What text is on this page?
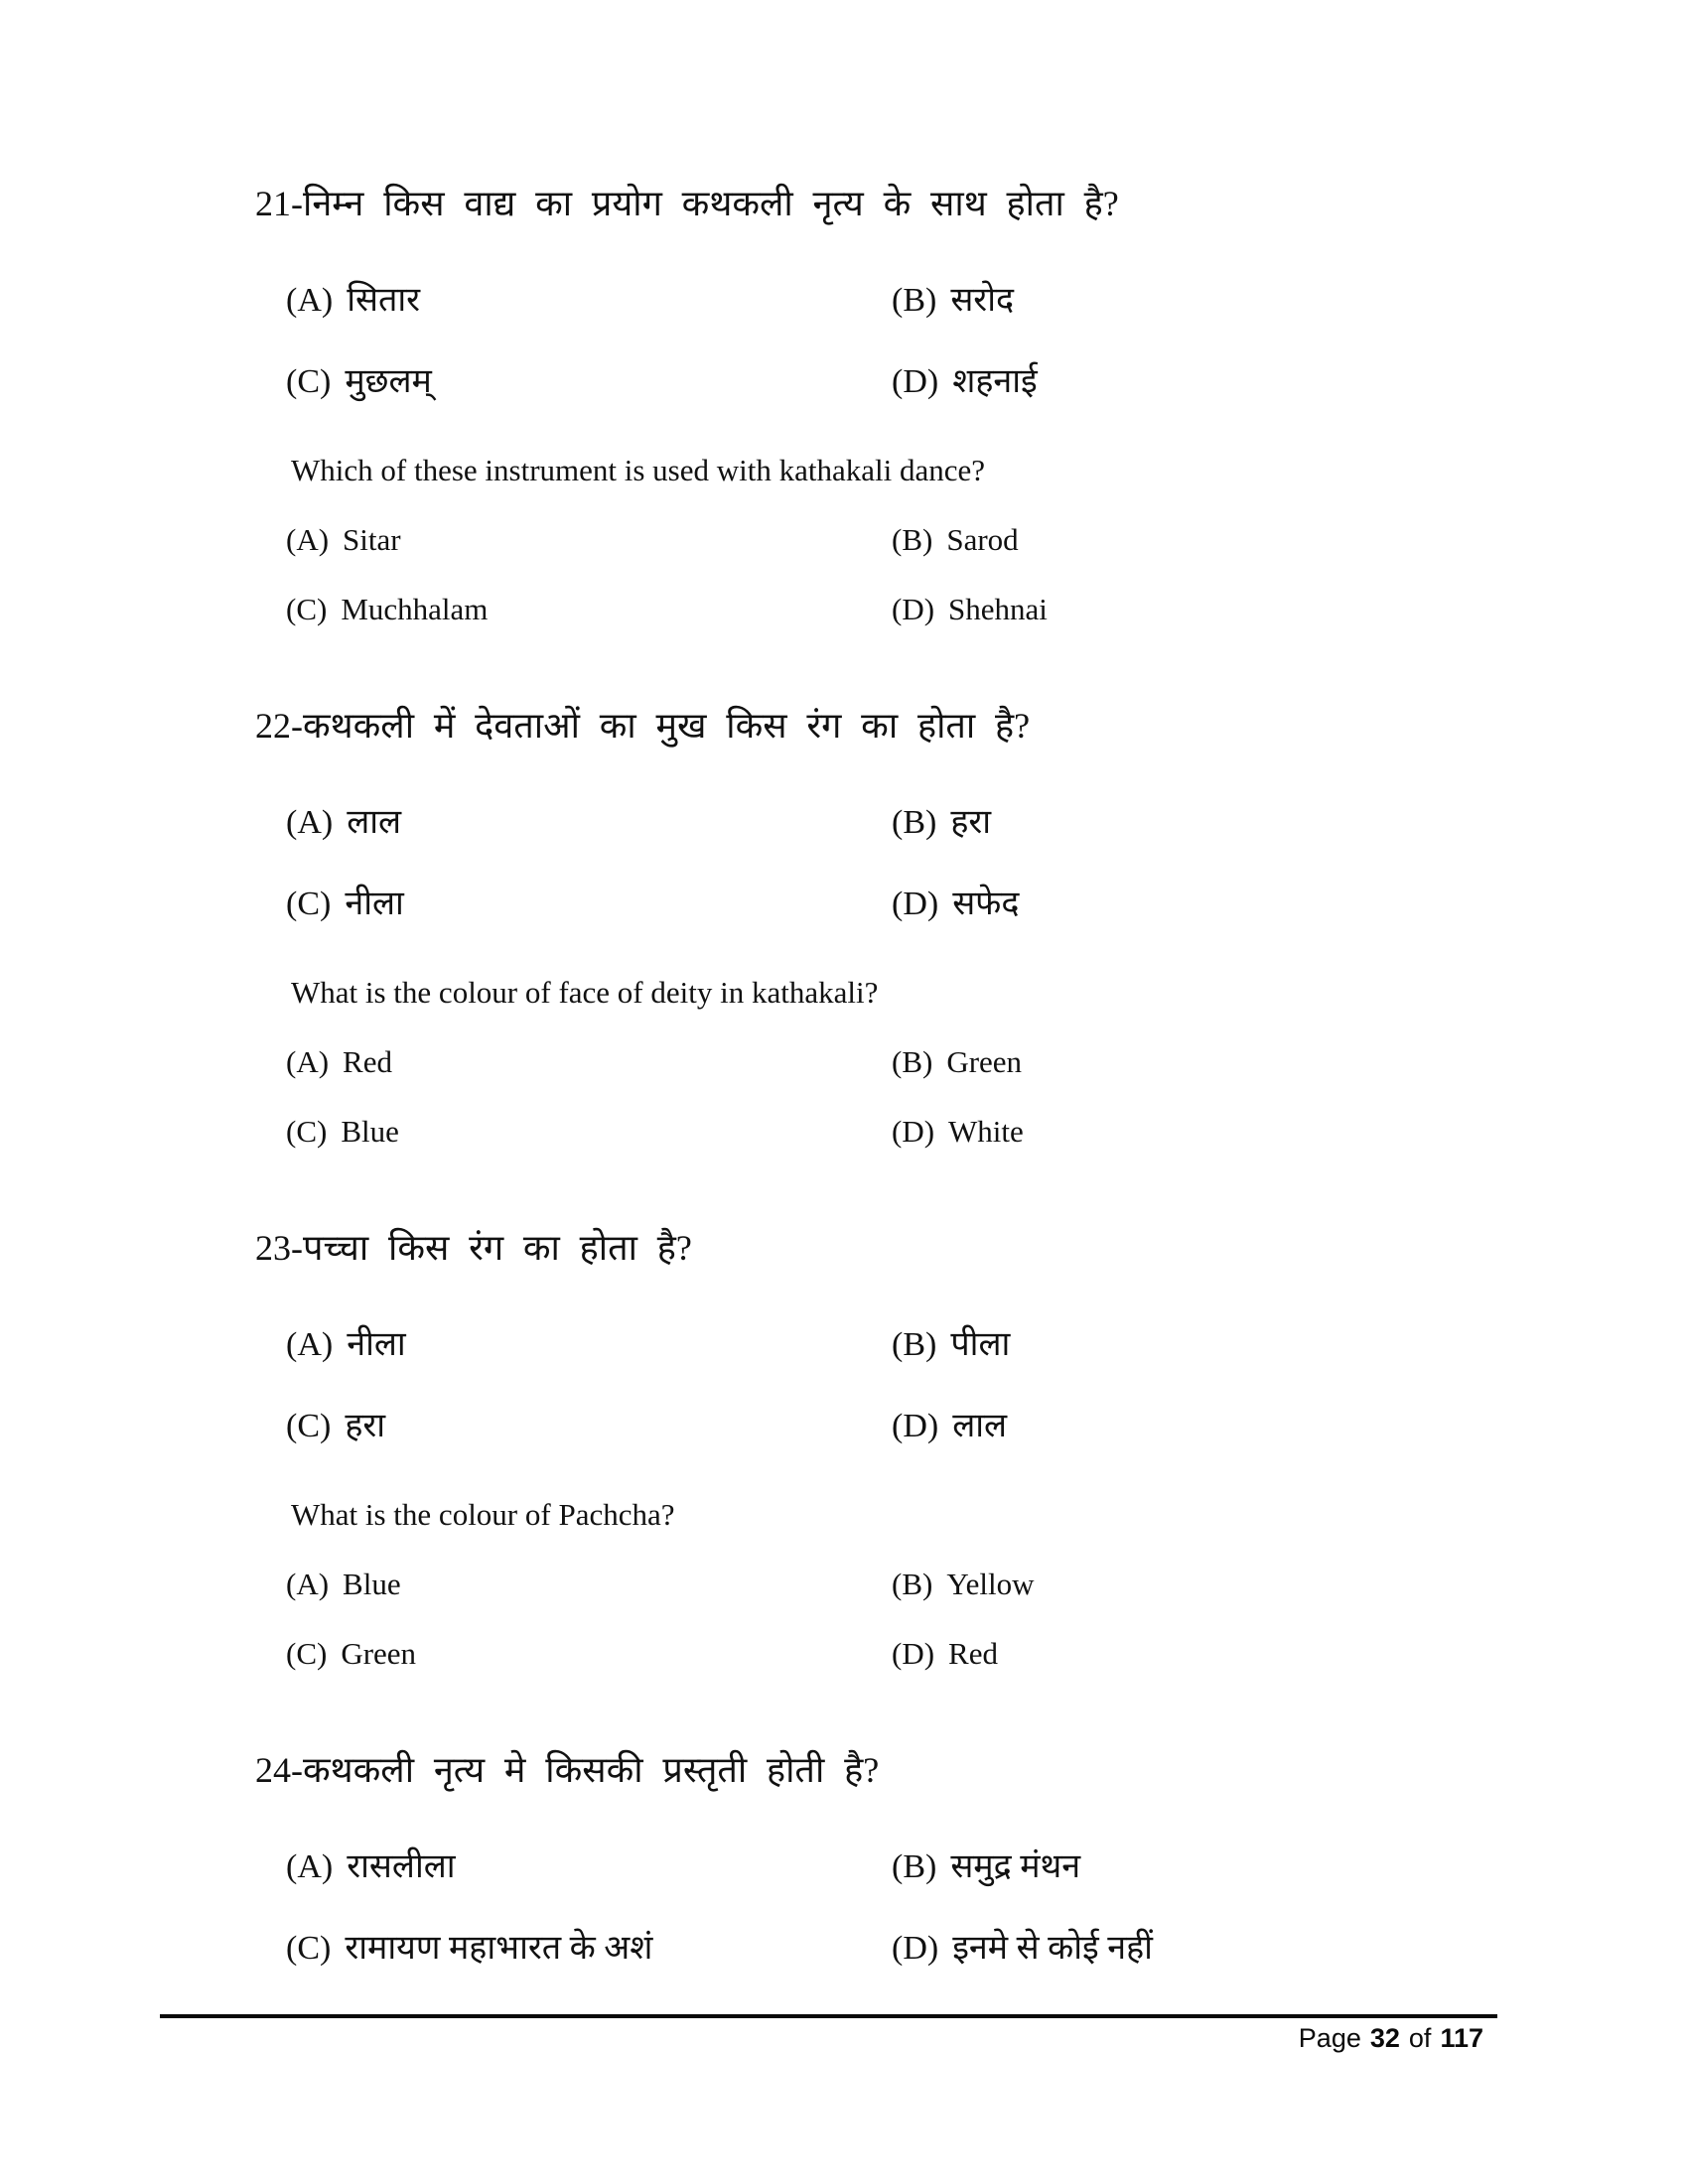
21-निम्न किस वाद्य का प्रयोग कथकली नृत्य के साथ होता है?
(A) सितार	(B) सरोद
(C) मुछलम्	(D) शहनाई
Which of these instrument is used with kathakali dance?
(A) Sitar	(B) Sarod
(C) Muchhalam	(D) Shehnai
22-कथकली में देवताओं का मुख किस रंग का होता है?
(A) लाल	(B) हरा
(C) नीला	(D) सफेद
What is the colour of face of deity in kathakali?
(A) Red	(B) Green
(C) Blue	(D) White
23-पच्चा किस रंग का होता है?
(A) नीला	(B) पीला
(C) हरा	(D) लाल
What is the colour of Pachcha?
(A) Blue	(B) Yellow
(C) Green	(D) Red
24-कथकली नृत्य मे किसकी प्रस्तृती होती है?
(A) रासलीला	(B) समुद्र मंथन
(C) रामायण महाभारत के अशं	(D) इनमे से कोई नहीं
Page 32 of 117
